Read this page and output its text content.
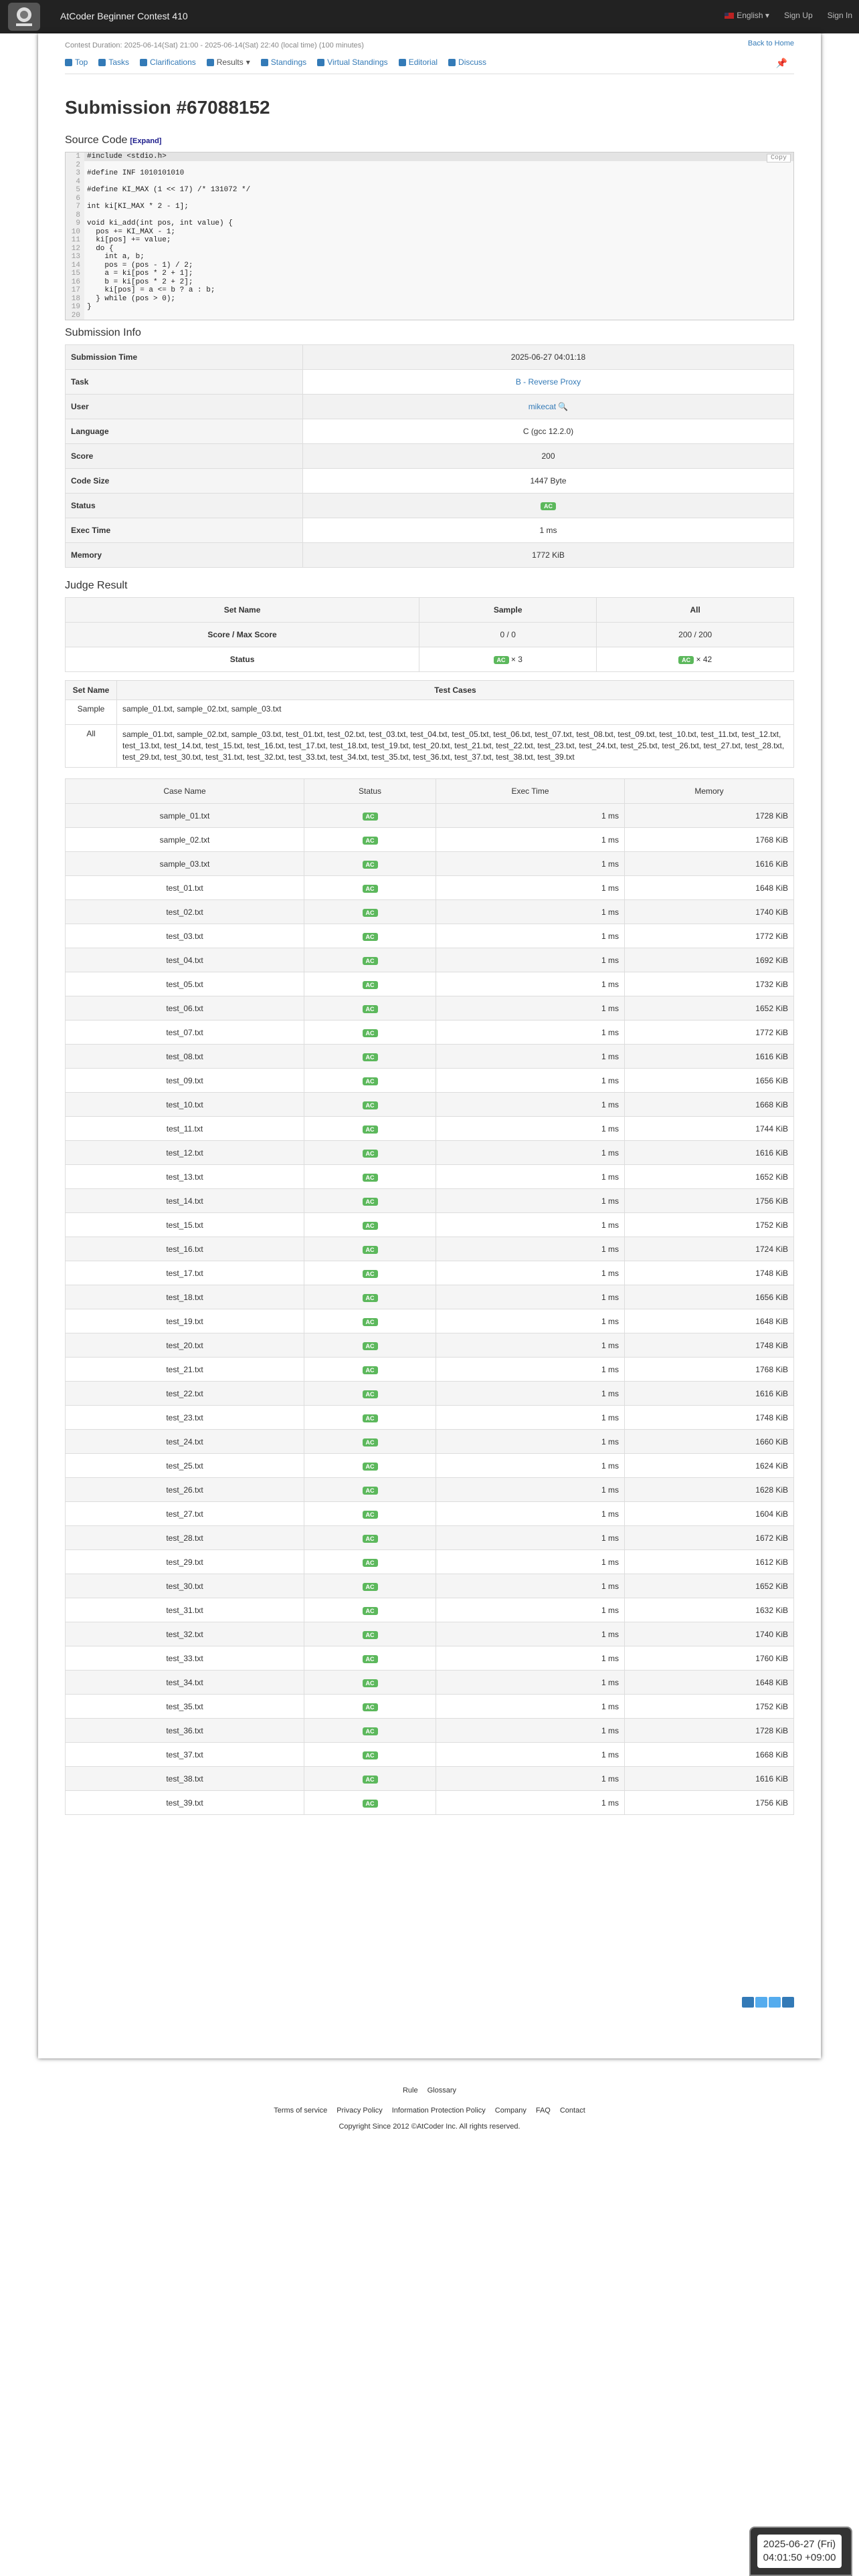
AtCoder Beginner Contest 410	English ▾ Sign Up Sign In
Back to Home
Contest Duration: 2025-06-14(Sat) 21:00 - 2025-06-14(Sat) 22:40 (local time) (100 minutes)
Top	Tasks	Clarifications	Results ▾	Standings	Virtual Standings	Editorial	Discuss	📌
Submission #67088152
Source Code [Expand]
Copy
1 #include <stdio.h>
2
3 #define INF 1010101010
4
5 #define KI_MAX (1 << 17) /* 131072 */
6
7 int ki[KI_MAX * 2 - 1];
8
9 void ki_add(int pos, int value) {
10 pos += KI_MAX - 1;
11 ki[pos] += value;
12 do {
13 int a, b;
14 pos = (pos - 1) / 2;
15 a = ki[pos * 2 + 1];
16 b = ki[pos * 2 + 2];
17 ki[pos] = a <= b ? a : b;
18 } while (pos > 0);
19 }
20
Submission Info
Submission Time	2025-06-27 04:01:18
Task	B - Reverse Proxy
User	mikecat 🔍
Language	C (gcc 12.2.0)
Score	200
Code Size	1447 Byte
Status	AC
Exec Time	1 ms
Memory	1772 KiB
Judge Result
Set Name	Sample	All
Score / Max Score	0 / 0	200 / 200
Status	AC × 3	AC × 42
Set Name	Test Cases
Sample	sample_01.txt, sample_02.txt, sample_03.txt
All	sample_01.txt, sample_02.txt, sample_03.txt, test_01.txt, test_02.txt, test_03.txt, test_04.txt, test_05.txt, test_06.txt, test_07.txt, test_08.txt, test_09.txt, test_10.txt, test_11.txt, test_12.txt, test_13.txt, test_14.txt, test_15.txt, test_16.txt, test_17.txt, test_18.txt, test_19.txt, test_20.txt, test_21.txt, test_22.txt, test_23.txt, test_24.txt, test_25.txt, test_26.txt, test_27.txt, test_28.txt, test_29.txt, test_30.txt, test_31.txt, test_32.txt, test_33.txt, test_34.txt, test_35.txt, test_36.txt, test_37.txt, test_38.txt, test_39.txt
Case Name	Status	Exec Time	Memory
sample_01.txt	AC	1 ms	1728 KiB
sample_02.txt	AC	1 ms	1768 KiB
sample_03.txt	AC	1 ms	1616 KiB
test_01.txt	AC	1 ms	1648 KiB
test_02.txt	AC	1 ms	1740 KiB
test_03.txt	AC	1 ms	1772 KiB
test_04.txt	AC	1 ms	1692 KiB
test_05.txt	AC	1 ms	1732 KiB
test_06.txt	AC	1 ms	1652 KiB
test_07.txt	AC	1 ms	1772 KiB
test_08.txt	AC	1 ms	1616 KiB
test_09.txt	AC	1 ms	1656 KiB
test_10.txt	AC	1 ms	1668 KiB
test_11.txt	AC	1 ms	1744 KiB
test_12.txt	AC	1 ms	1616 KiB
test_13.txt	AC	1 ms	1652 KiB
test_14.txt	AC	1 ms	1756 KiB
test_15.txt	AC	1 ms	1752 KiB
test_16.txt	AC	1 ms	1724 KiB
test_17.txt	AC	1 ms	1748 KiB
test_18.txt	AC	1 ms	1656 KiB
test_19.txt	AC	1 ms	1648 KiB
test_20.txt	AC	1 ms	1748 KiB
test_21.txt	AC	1 ms	1768 KiB
test_22.txt	AC	1 ms	1616 KiB
test_23.txt	AC	1 ms	1748 KiB
test_24.txt	AC	1 ms	1660 KiB
test_25.txt	AC	1 ms	1624 KiB
test_26.txt	AC	1 ms	1628 KiB
test_27.txt	AC	1 ms	1604 KiB
test_28.txt	AC	1 ms	1672 KiB
test_29.txt	AC	1 ms	1612 KiB
test_30.txt	AC	1 ms	1652 KiB
test_31.txt	AC	1 ms	1632 KiB
test_32.txt	AC	1 ms	1740 KiB
test_33.txt	AC	1 ms	1760 KiB
test_34.txt	AC	1 ms	1648 KiB
test_35.txt	AC	1 ms	1752 KiB
test_36.txt	AC	1 ms	1728 KiB
test_37.txt	AC	1 ms	1668 KiB
test_38.txt	AC	1 ms	1616 KiB
test_39.txt	AC	1 ms	1756 KiB
Rule Glossary
Terms of service Privacy Policy Information Protection Policy Company FAQ Contact
Copyright Since 2012 ©AtCoder Inc. All rights reserved.
2025-06-27 (Fri)
04:01:50 +09:00
